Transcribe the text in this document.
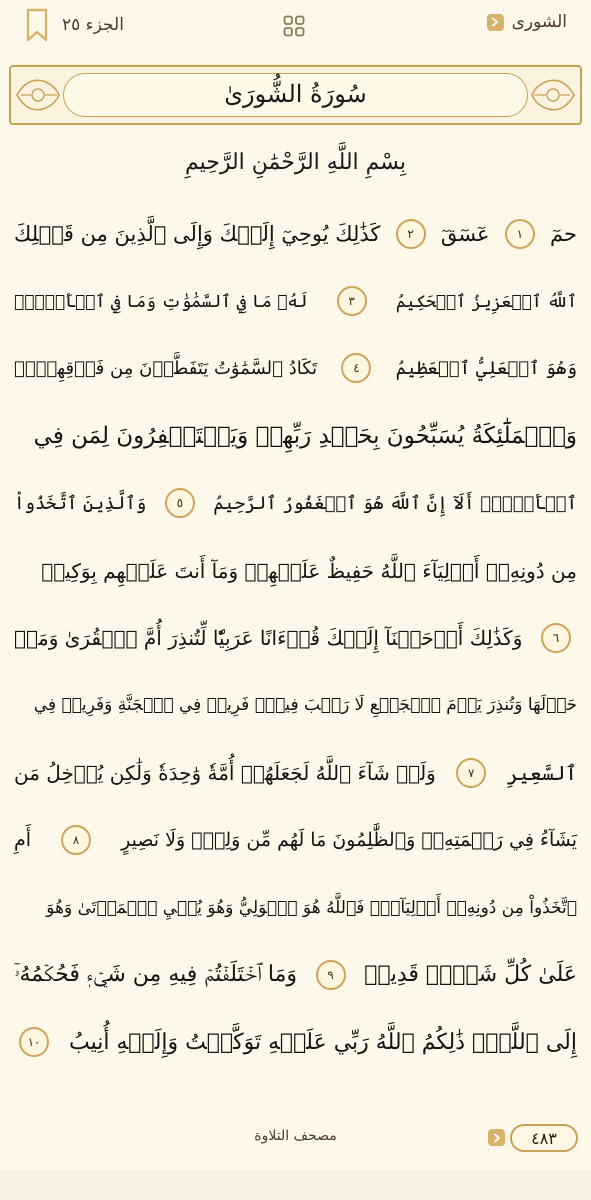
الجزء ٢٥	الشورى
سُورَةُ الشُّورَىٰ
بِسْمِ اللَّهِ الرَّحْمَٰنِ الرَّحِيمِ
حمٓ
١
عٓسٓقٓ
٢
كَذَٰلِكَ يُوحِيٓ إِلَيۡكَ وَإِلَى ٱلَّذِينَ مِن قَبۡلِكَ
ٱللَّهُ ٱلۡعَزِيزُ ٱلۡحَكِيمُ
٣
لَهُۥ مَا فِي ٱلسَّمَٰوَٰتِ وَمَا فِي ٱلۡأَرۡضِۖ
وَهُوَ ٱلۡعَلِيُّ ٱلۡعَظِيمُ
٤
تَكَادُ ٱلسَّمَٰوَٰتُ يَتَفَطَّرۡنَ مِن فَوۡقِهِنَّۚ
وَٱلۡمَلَٰٓئِكَةُ يُسَبِّحُونَ بِحَمۡدِ رَبِّهِمۡ وَيَسۡتَغۡفِرُونَ لِمَن فِي
ٱلۡأَرۡضِۗ أَلَآ إِنَّ ٱللَّهَ هُوَ ٱلۡغَفُورُ ٱلرَّحِيمُ
٥
وَٱلَّذِينَ ٱتَّخَذُواْ
مِن دُونِهِۦٓ أَوۡلِيَآءَ ٱللَّهُ حَفِيظٌ عَلَيۡهِمۡ وَمَآ أَنتَ عَلَيۡهِم بِوَكِيلٖ
٦
وَكَذَٰلِكَ أَوۡحَيۡنَآ إِلَيۡكَ قُرۡءَانًا عَرَبِيّٗا لِّتُنذِرَ أُمَّ ٱلۡقُرَىٰ وَمَنۡ
حَوۡلَهَا وَتُنذِرَ يَوۡمَ ٱلۡجَمۡعِ لَا رَيۡبَ فِيهِۚ فَرِيقٞ فِي ٱلۡجَنَّةِ وَفَرِيقٞ فِي
ٱلسَّعِيرِ
٧
وَلَوۡ شَآءَ ٱللَّهُ لَجَعَلَهُمۡ أُمَّةٗ وَٰحِدَةٗ وَلَٰكِن يُدۡخِلُ مَن
يَشَآءُ فِي رَحۡمَتِهِۦۚ وَٱلظَّٰلِمُونَ مَا لَهُم مِّن وَلِيّٖ وَلَا نَصِيرٍ
٨
أَمِ
ٱتَّخَذُواْ مِن دُونِهِۦٓ أَوۡلِيَآءَۖ فَٱللَّهُ هُوَ ٱلۡوَلِيُّ وَهُوَ يُحۡيِ ٱلۡمَوۡتَىٰ وَهُوَ
عَلَىٰ كُلِّ شَيۡءٖ قَدِيرٞ
٩
وَمَا ٱخۡتَلَفۡتُمۡ فِيهِ مِن شَيۡءٖ فَحُكۡمُهُۥٓ
إِلَى ٱللَّهِۚ ذَٰلِكُمُ ٱللَّهُ رَبِّي عَلَيۡهِ تَوَكَّلۡتُ وَإِلَيۡهِ أُنِيبُ
١٠
٤٨٣
مصحف التلاوة
